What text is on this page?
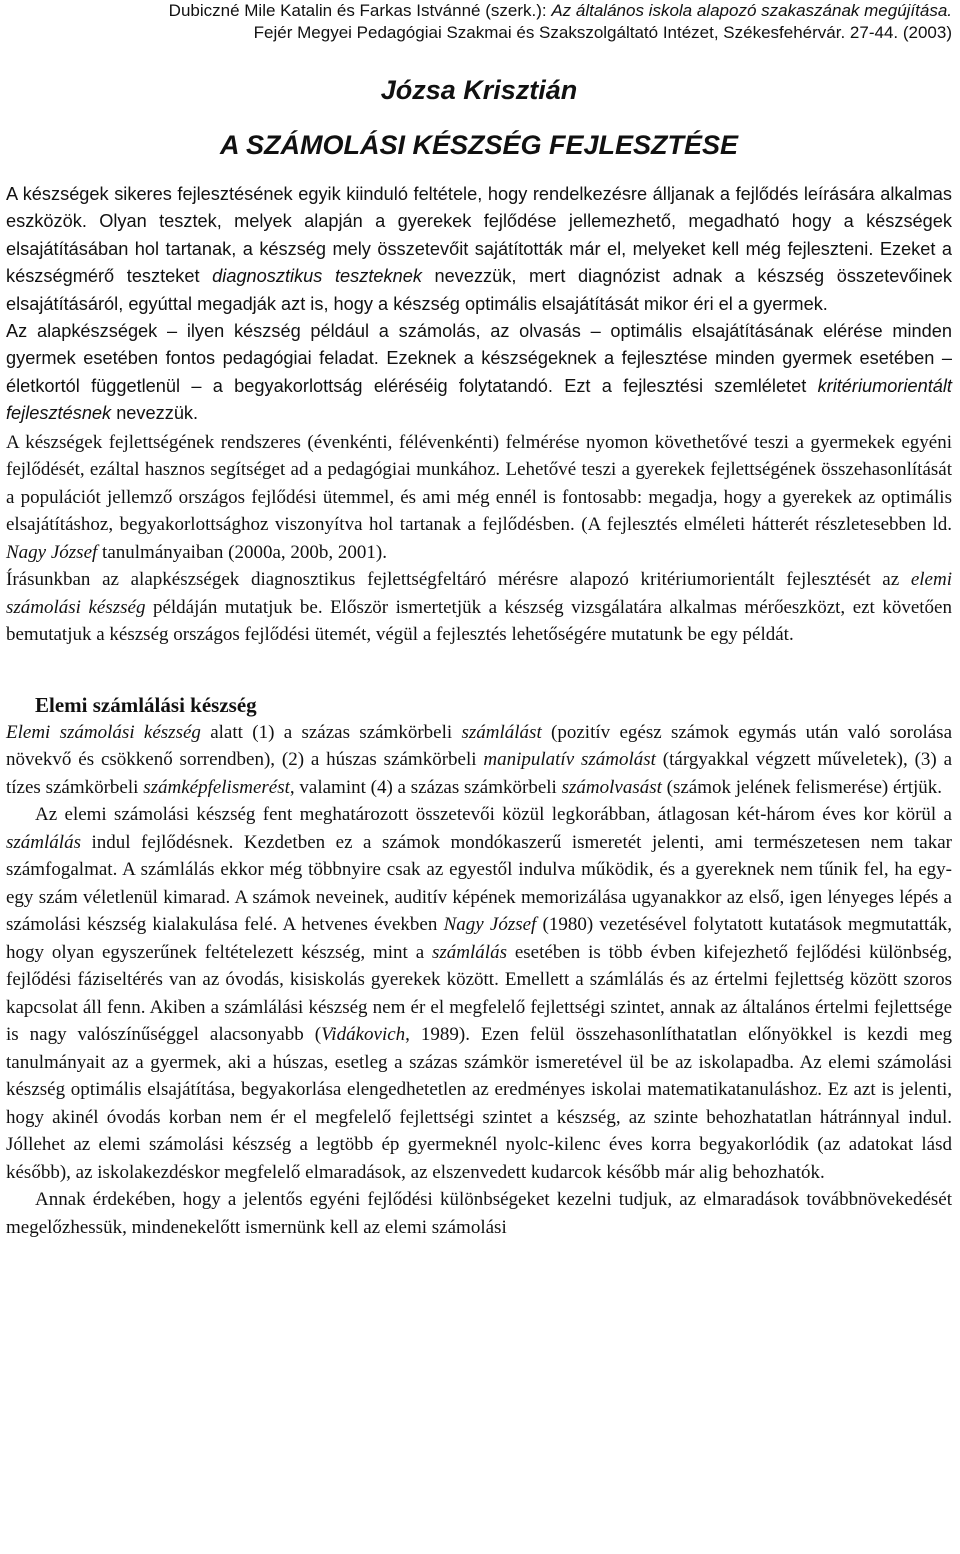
Dubiczné Mile Katalin és Farkas Istvánné (szerk.): Az általános iskola alapozó szakaszának megújítása.

Fejér Megyei Pedagógiai Szakmai és Szakszolgáltató Intézet, Székesfehérvár. 27-44. (2003)

Józsa Krisztián
A SZÁMOLÁSI KÉSZSÉG FEJLESZTÉSE

A készségek sikeres fejlesztésének egyik kiinduló feltétele, hogy rendelkezésre álljanak a fejlődés leírására alkalmas eszközök. Olyan tesztek, melyek alapján a gyerekek fejlődése jellemezhető, megadható hogy a készségek elsajátításában hol tartanak, a készség mely összetevőit sajátították már el, melyeket kell még fejleszteni. Ezeket a készségmérő teszteket diagnosztikus teszteknek nevezzük, mert diagnózist adnak a készség összetevőinek elsajátításáról, egyúttal megadják azt is, hogy a készség optimális elsajátítását mikor éri el a gyermek.

Az alapkészségek – ilyen készség például a számolás, az olvasás – optimális elsajátításának elérése minden gyermek esetében fontos pedagógiai feladat. Ezeknek a készségeknek a fejlesztése minden gyermek esetében – életkortól függetlenül – a begyakorlottság eléréséig folytatandó. Ezt a fejlesztési szemléletet kritériumorientált fejlesztésnek nevezzük.

A készségek fejlettségének rendszeres (évenkénti, félévenkénti) felmérése nyomon követhetővé teszi a gyermekek egyéni fejlődését, ezáltal hasznos segítséget ad a pedagógiai munkához. Lehetővé teszi a gyerekek fejlettségének összehasonlítását a populációt jellemző országos fejlődési ütemmel, és ami még ennél is fontosabb: megadja, hogy a gyerekek az optimális elsajátításhoz, begyakorlottsághoz viszonyítva hol tartanak a fejlődésben. (A fejlesztés elméleti hátterét részletesebben ld. Nagy József tanulmányaiban (2000a, 200b, 2001).

Írásunkban az alapkészségek diagnosztikus fejlettségfeltáró mérésre alapozó kritériumorientált fejlesztését az elemi számolási készség példáján mutatjuk be. Először ismertetjük a készség vizsgálatára alkalmas mérőeszközt, ezt követően bemutatjuk a készség országos fejlődési ütemét, végül a fejlesztés lehetőségére mutatunk be egy példát.

Elemi számlálási készség

Elemi számolási készség alatt (1) a százas számkörbeli számlálást (pozitív egész számok egymás után való sorolása növekvő és csökkenő sorrendben), (2) a húszas számkörbeli manipulatív számolást (tárgyakkal végzett műveletek), (3) a tízes számkörbeli számképfelismerést, valamint (4) a százas számkörbeli számolvasást (számok jelének felismerése) értjük.

Az elemi számolási készség fent meghatározott összetevői közül legkorábban, átlagosan két-három éves kor körül a számlálás indul fejlődésnek. Kezdetben ez a számok mondókaszerű ismeretét jelenti, ami természetesen nem takar számfogalmat. A számlálás ekkor még többnyire csak az egyestől indulva működik, és a gyereknek nem tűnik fel, ha egy-egy szám véletlenül kimarad. A számok neveinek, auditív képének memorizálása ugyanakkor az első, igen lényeges lépés a számolási készség kialakulása felé. A hetvenes években Nagy József (1980) vezetésével folytatott kutatások megmutatták, hogy olyan egyszerűnek feltételezett készség, mint a számlálás esetében is több évben kifejezhető fejlődési különbség, fejlődési fáziseltérés van az óvodás, kisiskolás gyerekek között. Emellett a számlálás és az értelmi fejlettség között szoros kapcsolat áll fenn. Akiben a számlálási készség nem ér el megfelelő fejlettségi szintet, annak az általános értelmi fejlettsége is nagy valószínűséggel alacsonyabb (Vidákovich, 1989). Ezen felül összehasonlíthatatlan előnyökkel is kezdi meg tanulmányait az a gyermek, aki a húszas, esetleg a százas számkör ismeretével ül be az iskolapadba. Az elemi számolási készség optimális elsajátítása, begyakorlása elengedhetetlen az eredményes iskolai matematikatanuláshoz. Ez azt is jelenti, hogy akinél óvodás korban nem ér el megfelelő fejlettségi szintet a készség, az szinte behozhatatlan hátránnyal indul. Jóllehet az elemi számolási készség a legtöbb ép gyermeknél nyolc-kilenc éves korra begyakorlódik (az adatokat lásd később), az iskolakezdéskor megfelelő elmaradások, az elszenvedett kudarcok később már alig behozhatók.

Annak érdekében, hogy a jelentős egyéni fejlődési különbségeket kezelni tudjuk, az elmaradások továbbnövekedését megelőzhessük, mindenekelőtt ismernünk kell az elemi számolási
